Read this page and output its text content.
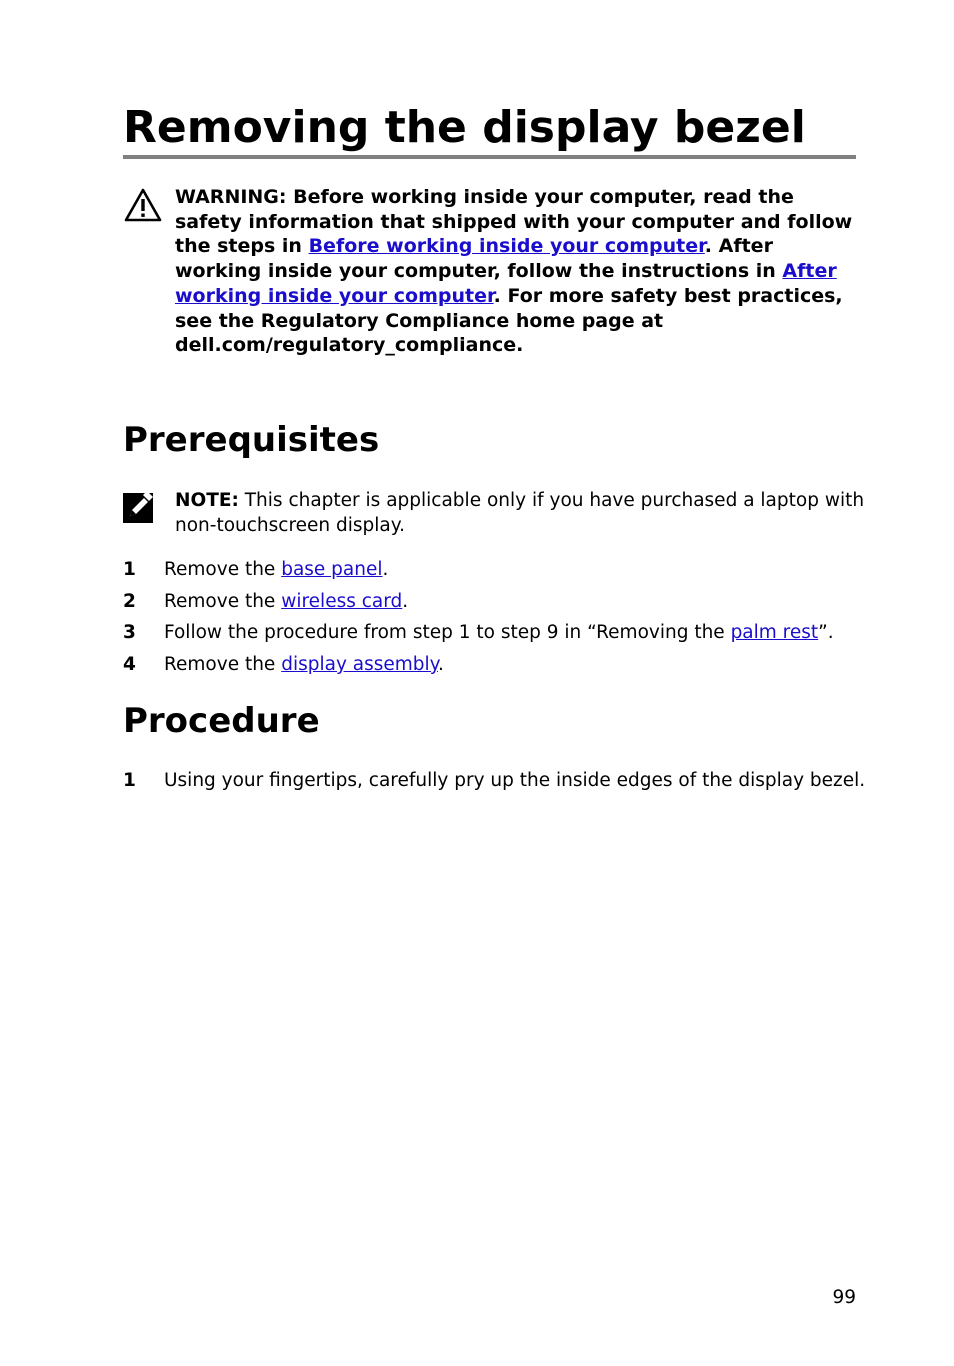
Removing the display bezel
WARNING: Before working inside your computer, read the safety information that shipped with your computer and follow the steps in Before working inside your computer. After working inside your computer, follow the instructions in After working inside your computer. For more safety best practices, see the Regulatory Compliance home page at dell.com/regulatory_compliance.
Prerequisites
NOTE: This chapter is applicable only if you have purchased a laptop with non-touchscreen display.
1 Remove the base panel.
2 Remove the wireless card.
3 Follow the procedure from step 1 to step 9 in “Removing the palm rest”.
4 Remove the display assembly.
Procedure
1 Using your fingertips, carefully pry up the inside edges of the display bezel.
99
